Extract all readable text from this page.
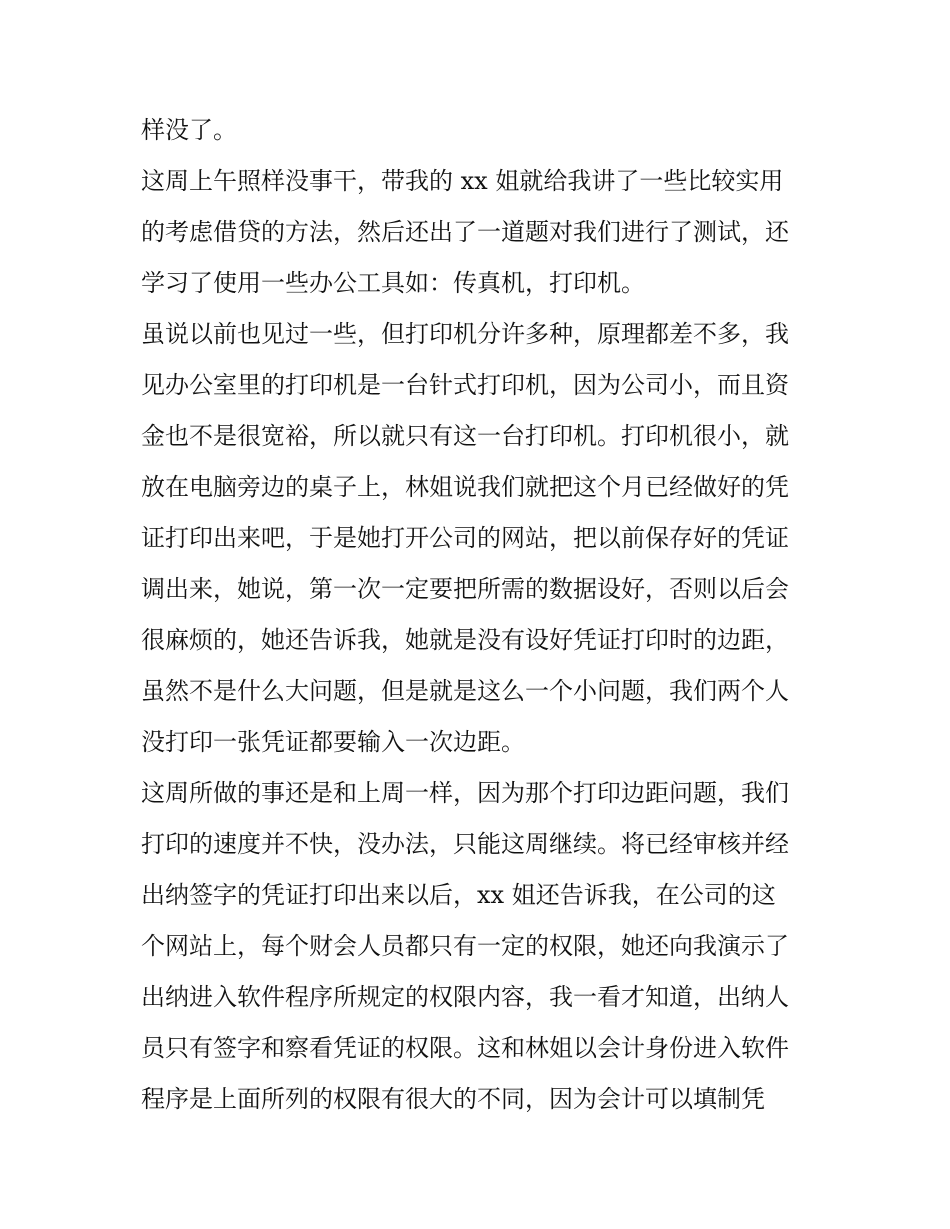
样没了。
这周上午照样没事干，带我的 xx 姐就给我讲了一些比较实用
的考虑借贷的方法，然后还出了一道题对我们进行了测试，还
学习了使用一些办公工具如：传真机，打印机。
虽说以前也见过一些，但打印机分许多种，原理都差不多，我
见办公室里的打印机是一台针式打印机，因为公司小，而且资
金也不是很宽裕，所以就只有这一台打印机。打印机很小，就
放在电脑旁边的桌子上，林姐说我们就把这个月已经做好的凭
证打印出来吧，于是她打开公司的网站，把以前保存好的凭证
调出来，她说，第一次一定要把所需的数据设好，否则以后会
很麻烦的，她还告诉我，她就是没有设好凭证打印时的边距，
虽然不是什么大问题，但是就是这么一个小问题，我们两个人
没打印一张凭证都要输入一次边距。
这周所做的事还是和上周一样，因为那个打印边距问题，我们
打印的速度并不快，没办法，只能这周继续。将已经审核并经
出纳签字的凭证打印出来以后，xx 姐还告诉我，在公司的这
个网站上，每个财会人员都只有一定的权限，她还向我演示了
出纳进入软件程序所规定的权限内容，我一看才知道，出纳人
员只有签字和察看凭证的权限。这和林姐以会计身份进入软件
程序是上面所列的权限有很大的不同，因为会计可以填制凭
